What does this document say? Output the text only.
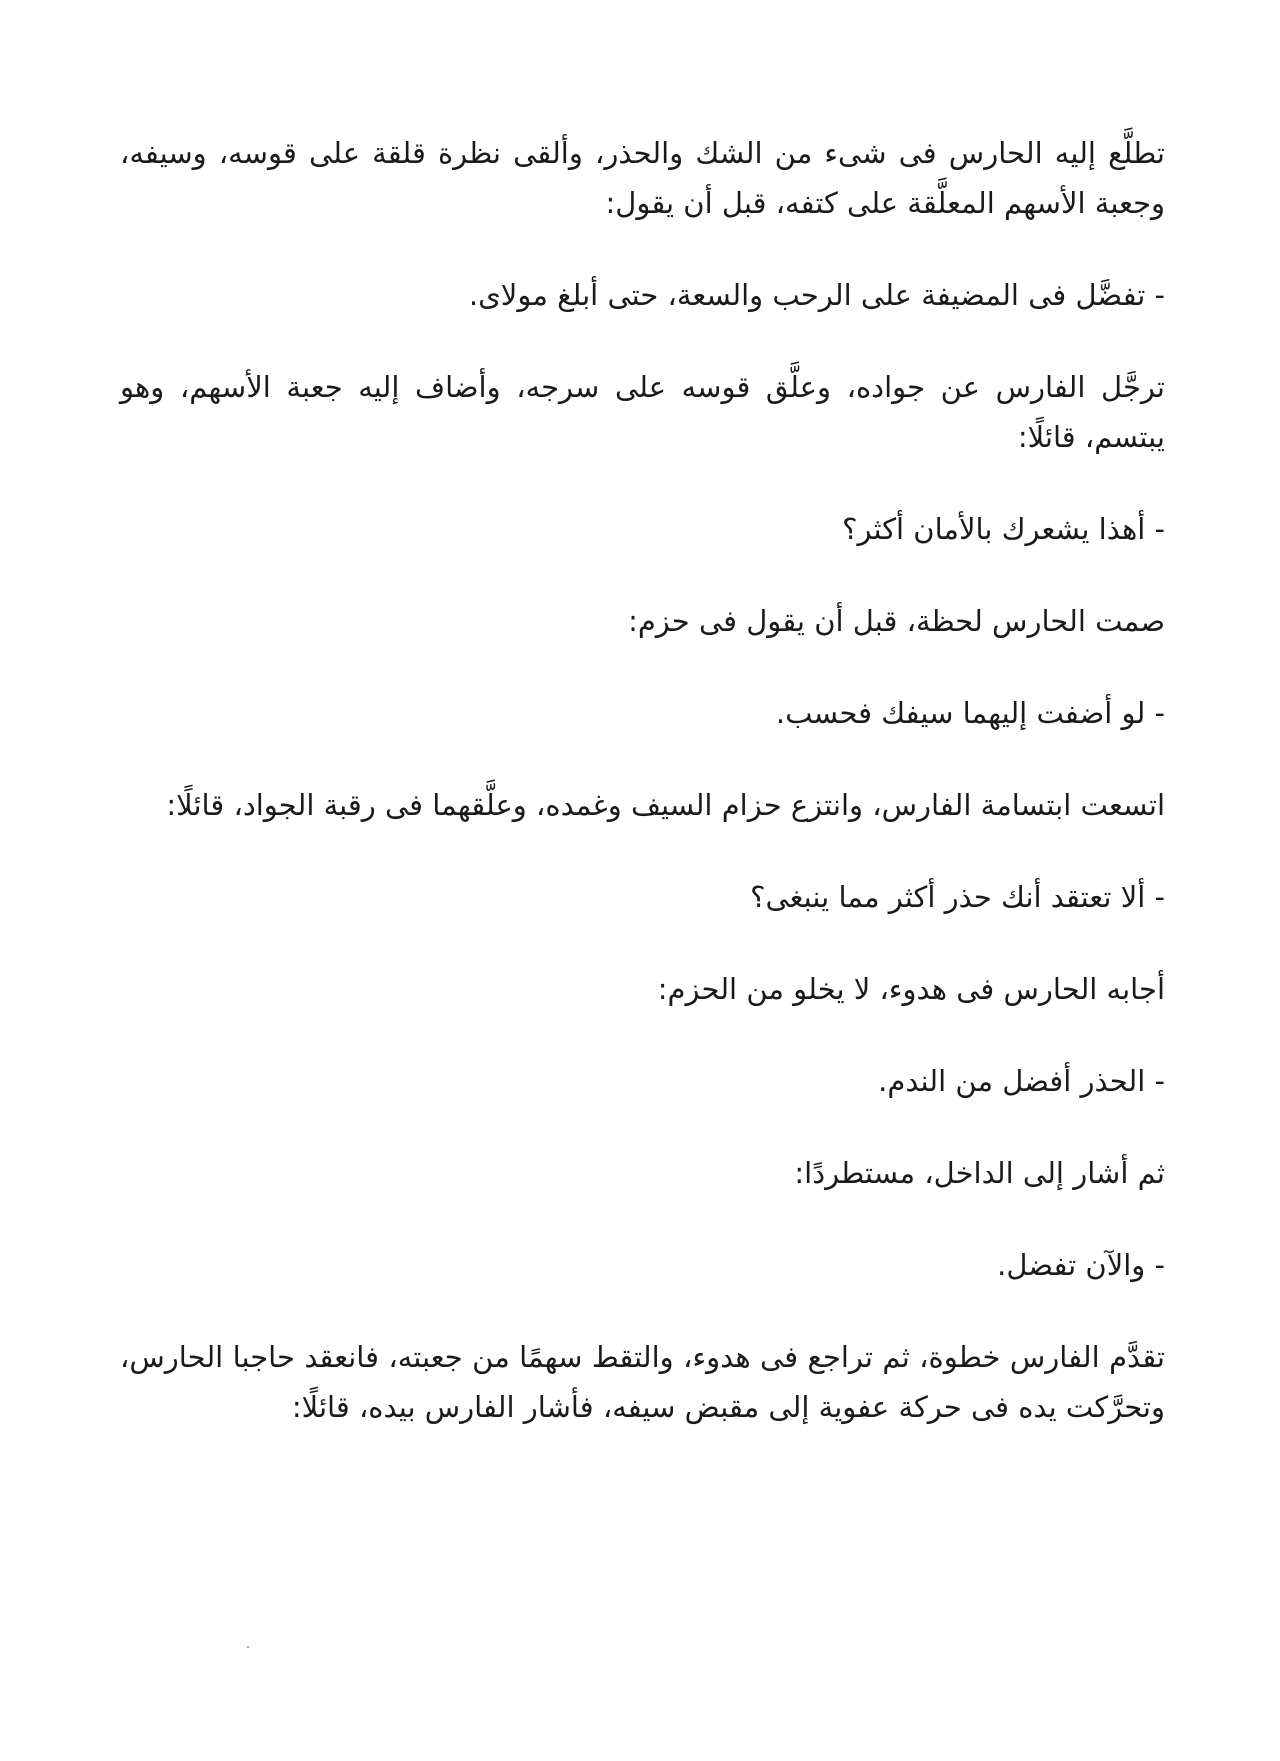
تطلَّع إليه الحارس فى شىء من الشك والحذر، وألقى نظرة قلقة على قوسه، وسيفه، وجعبة الأسهم المعلَّقة على كتفه، قبل أن يقول:

- تفضَّل فى المضيفة على الرحب والسعة، حتى أبلغ مولاى.

ترجَّل الفارس عن جواده، وعلَّق قوسه على سرجه، وأضاف إليه جعبة الأسهم، وهو يبتسم، قائلًا:

- أهذا يشعرك بالأمان أكثر؟

صمت الحارس لحظة، قبل أن يقول فى حزم:

- لو أضفت إليهما سيفك فحسب.

اتسعت ابتسامة الفارس، وانتزع حزام السيف وغمده، وعلَّقهما فى رقبة الجواد، قائلًا:

- ألا تعتقد أنك حذر أكثر مما ينبغى؟

أجابه الحارس فى هدوء، لا يخلو من الحزم:

- الحذر أفضل من الندم.

ثم أشار إلى الداخل، مستطردًا:

- والآن تفضل.

تقدَّم الفارس خطوة، ثم تراجع فى هدوء، والتقط سهمًا من جعبته، فانعقد حاجبا الحارس، وتحرَّكت يده فى حركة عفوية إلى مقبض سيفه، فأشار الفارس بيده، قائلًا:
